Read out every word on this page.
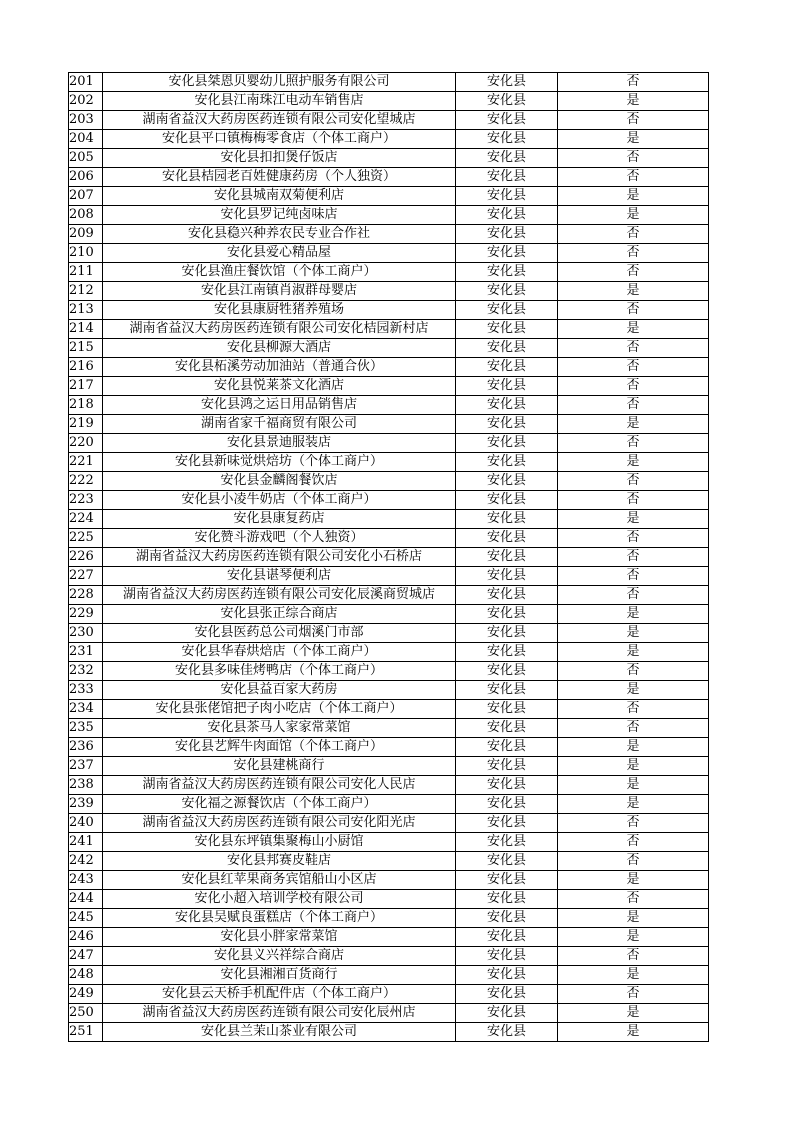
201	安化县桀恩贝婴幼儿照护服务有限公司	安化县	否
202	安化县江南珠江电动车销售店	安化县	是
203	湖南省益汉大药房医药连锁有限公司安化望城店	安化县	否
204	安化县平口镇梅梅零食店（个体工商户）	安化县	是
205	安化县扣扣煲仔饭店	安化县	否
206	安化县桔园老百姓健康药房（个人独资）	安化县	否
207	安化县城南双菊便利店	安化县	是
208	安化县罗记纯卤味店	安化县	是
209	安化县稳兴种养农民专业合作社	安化县	否
210	安化县爱心精品屋	安化县	否
211	安化县渔庄餐饮馆（个体工商户）	安化县	否
212	安化县江南镇肖淑群母婴店	安化县	是
213	安化县康厨牲猪养殖场	安化县	否
214	湖南省益汉大药房医药连锁有限公司安化桔园新村店	安化县	是
215	安化县柳源大酒店	安化县	否
216	安化县柘溪劳动加油站（普通合伙）	安化县	否
217	安化县悦莱茶文化酒店	安化县	否
218	安化县鸿之运日用品销售店	安化县	否
219	湖南省家千福商贸有限公司	安化县	是
220	安化县景迪服装店	安化县	否
221	安化县新味觉烘焙坊（个体工商户）	安化县	是
222	安化县金麟阁餐饮店	安化县	否
223	安化县小凌牛奶店（个体工商户）	安化县	否
224	安化县康复药店	安化县	是
225	安化赞斗游戏吧（个人独资）	安化县	否
226	湖南省益汉大药房医药连锁有限公司安化小石桥店	安化县	否
227	安化县谌琴便利店	安化县	否
228	湖南省益汉大药房医药连锁有限公司安化辰溪商贸城店	安化县	否
229	安化县张正综合商店	安化县	是
230	安化县医药总公司烟溪门市部	安化县	是
231	安化县华春烘焙店（个体工商户）	安化县	是
232	安化县多味佳烤鸭店（个体工商户）	安化县	否
233	安化县益百家大药房	安化县	是
234	安化县张佬馆把子肉小吃店（个体工商户）	安化县	否
235	安化县茶马人家家常菜馆	安化县	否
236	安化县艺辉牛肉面馆（个体工商户）	安化县	是
237	安化县建桃商行	安化县	是
238	湖南省益汉大药房医药连锁有限公司安化人民店	安化县	是
239	安化福之源餐饮店（个体工商户）	安化县	是
240	湖南省益汉大药房医药连锁有限公司安化阳光店	安化县	否
241	安化县东坪镇集聚梅山小厨馆	安化县	否
242	安化县邦赛皮鞋店	安化县	否
243	安化县红苹果商务宾馆船山小区店	安化县	是
244	安化小超入培训学校有限公司	安化县	否
245	安化县吴赋良蛋糕店（个体工商户）	安化县	是
246	安化县小胖家常菜馆	安化县	是
247	安化县义兴祥综合商店	安化县	否
248	安化县湘湘百货商行	安化县	是
249	安化县云天桥手机配件店（个体工商户）	安化县	否
250	湖南省益汉大药房医药连锁有限公司安化辰州店	安化县	是
251	安化县兰茉山茶业有限公司	安化县	是
